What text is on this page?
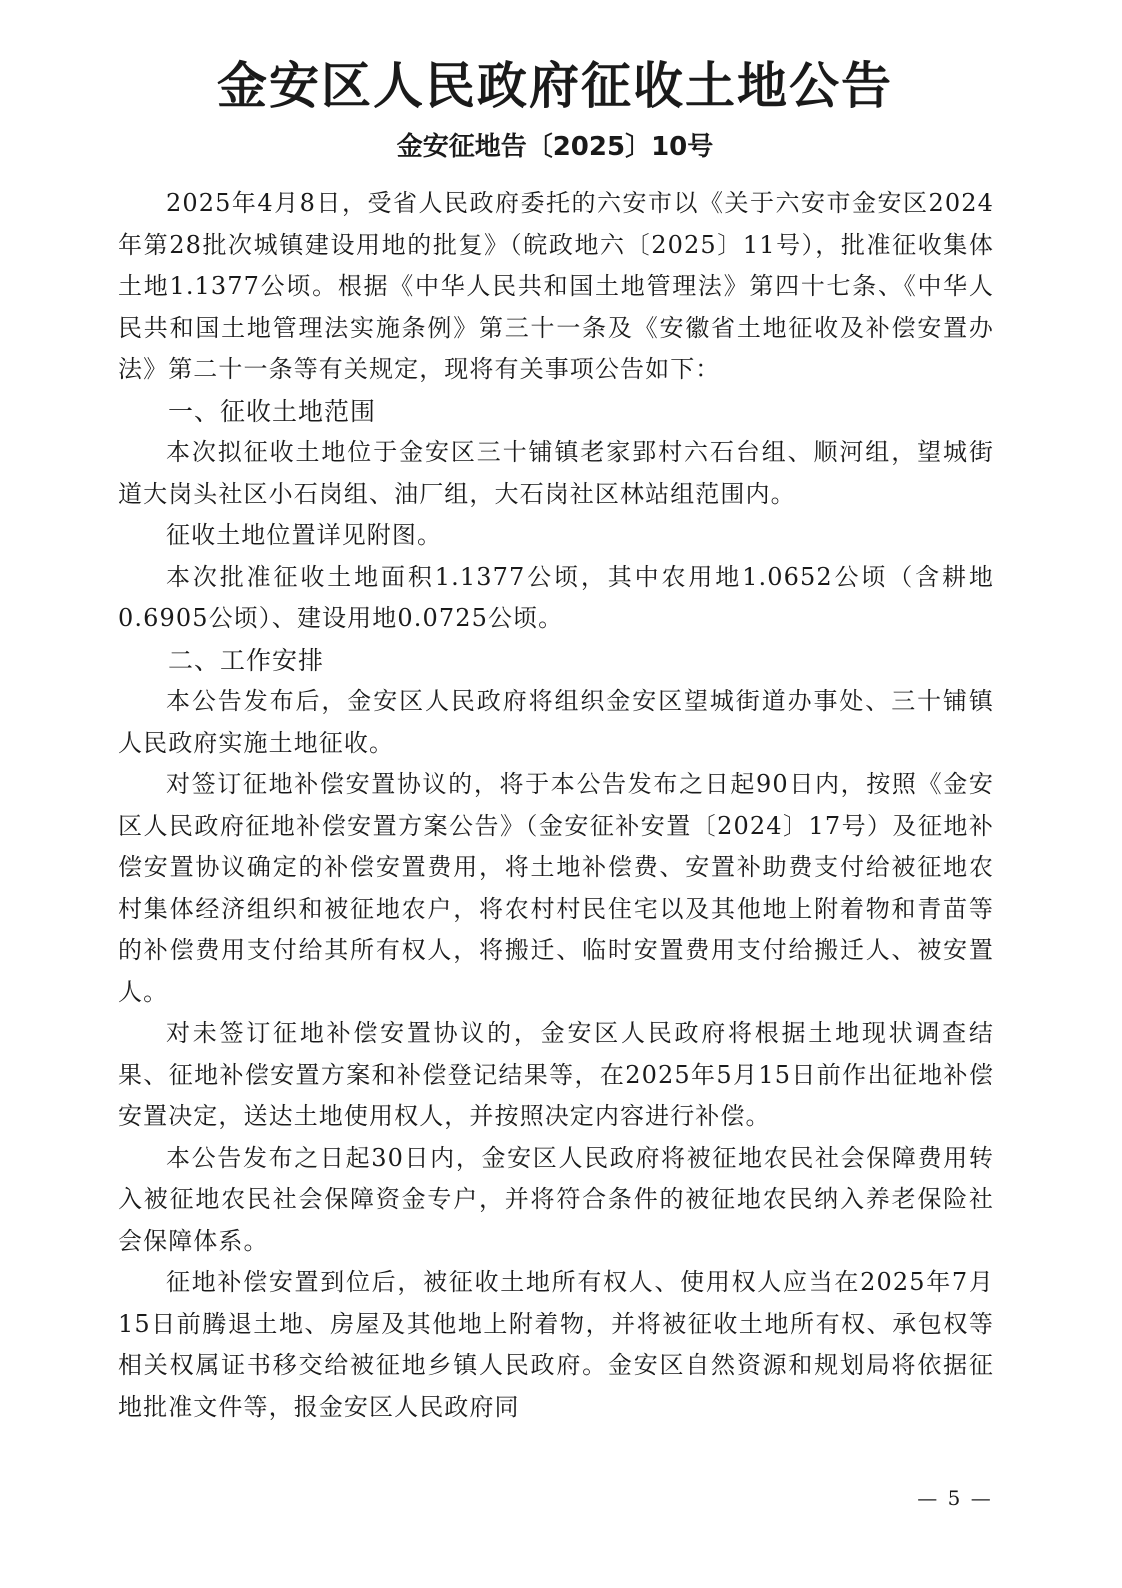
金安区人民政府征收土地公告
金安征地告〔2025〕10号

2025年4月8日，受省人民政府委托的六安市以《关于六安市金安区2024年第28批次城镇建设用地的批复》（皖政地六〔2025〕11号），批准征收集体土地1.1377公顷。根据《中华人民共和国土地管理法》第四十七条、《中华人民共和国土地管理法实施条例》第三十一条及《安徽省土地征收及补偿安置办法》第二十一条等有关规定，现将有关事项公告如下：

一、征收土地范围

本次拟征收土地位于金安区三十铺镇老家郢村六石台组、顺河组，望城街道大岗头社区小石岗组、油厂组，大石岗社区林站组范围内。

征收土地位置详见附图。

本次批准征收土地面积1.1377公顷，其中农用地1.0652公顷（含耕地0.6905公顷）、建设用地0.0725公顷。

二、工作安排

本公告发布后，金安区人民政府将组织金安区望城街道办事处、三十铺镇人民政府实施土地征收。

对签订征地补偿安置协议的，将于本公告发布之日起90日内，按照《金安区人民政府征地补偿安置方案公告》（金安征补安置〔2024〕17号）及征地补偿安置协议确定的补偿安置费用，将土地补偿费、安置补助费支付给被征地农村集体经济组织和被征地农户，将农村村民住宅以及其他地上附着物和青苗等的补偿费用支付给其所有权人，将搬迁、临时安置费用支付给搬迁人、被安置人。

对未签订征地补偿安置协议的，金安区人民政府将根据土地现状调查结果、征地补偿安置方案和补偿登记结果等，在2025年5月15日前作出征地补偿安置决定，送达土地使用权人，并按照决定内容进行补偿。

本公告发布之日起30日内，金安区人民政府将被征地农民社会保障费用转入被征地农民社会保障资金专户，并将符合条件的被征地农民纳入养老保险社会保障体系。

征地补偿安置到位后，被征收土地所有权人、使用权人应当在2025年7月15日前腾退土地、房屋及其他地上附着物，并将被征收土地所有权、承包权等相关权属证书移交给被征地乡镇人民政府。金安区自然资源和规划局将依据征地批准文件等，报金安区人民政府同

— 5 —
